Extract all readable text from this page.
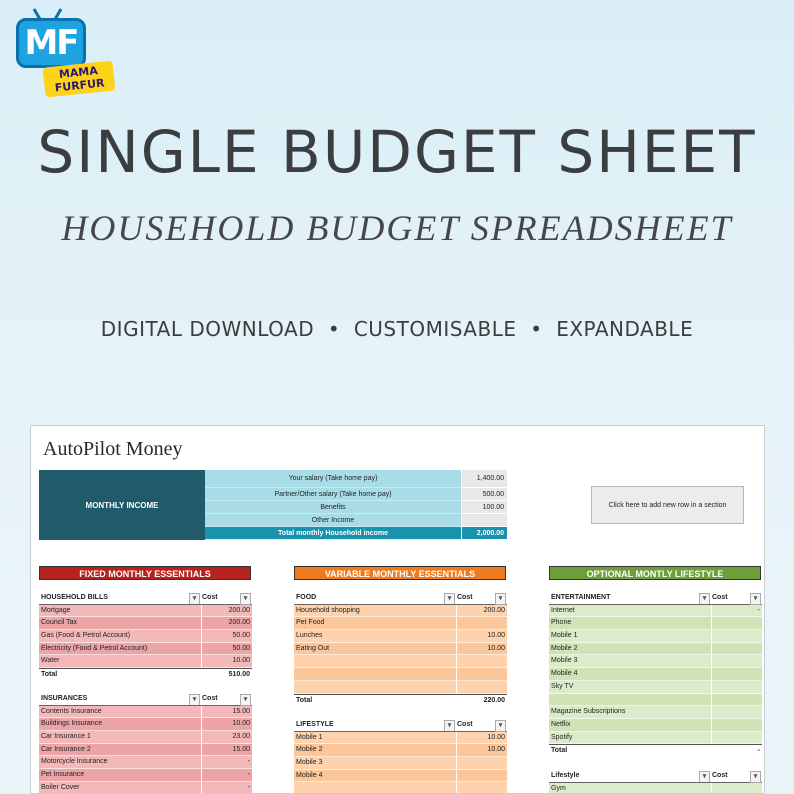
MF
MAMA
FURFUR
SINGLE BUDGET SHEET
HOUSEHOLD BUDGET SPREADSHEET
DIGITAL DOWNLOAD  •  CUSTOMISABLE  •  EXPANDABLE
AutoPilot Money
MONTHLY INCOME
Your salary (Take home pay)	1,400.00
Partner/Other salary (Take home pay)	500.00
Benefits	100.00
Other Income
Total monthly Household income	2,000.00
Click here to add new row in a section
FIXED MONTHLY ESSENTIALS	VARIABLE MONTHLY ESSENTIALS	OPTIONAL MONTLY LIFESTYLE
HOUSEHOLD BILLS ▾	Cost ▾
Mortgage	200.00
Council Tax	200.00
Gas (Food & Petrol Account)	50.00
Electricity (Food & Petrol Account)	50.00
Water	10.00
Total	510.00
INSURANCES ▾	Cost ▾
Contents Insurance	15.00
Buildings Insurance	10.00
Car Insurance 1	23.00
Car Insurance 2	15.00
Motorcycle Insurance	-
Pet Insurance	-
Boiler Cover	-
FOOD ▾	Cost ▾
Household shopping	200.00
Pet Food
Lunches	10.00
Eating Out	10.00
Total	220.00
LIFESTYLE ▾	Cost ▾
Mobile 1	10.00
Mobile 2	10.00
Mobile 3
Mobile 4
ENTERTAINMENT ▾	Cost ▾
Internet	-
Phone
Mobile 1
Mobile 2
Mobile 3
Mobile 4
Sky TV
Magazine Subscriptions
Netflix
Spotify
Total	-
Lifestyle ▾	Cost ▾
Gym
